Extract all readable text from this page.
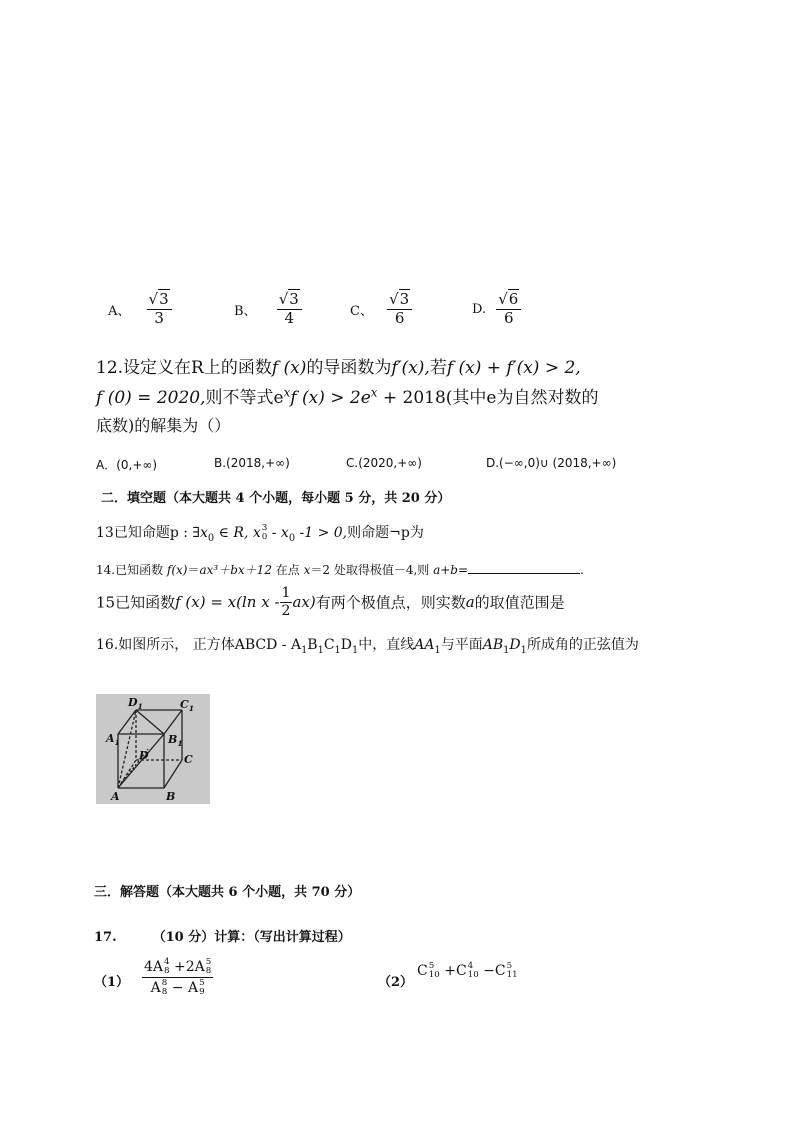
A、 $\frac{√3}{3}$	B、 $\frac{√3}{4}$	C、 $\frac{√3}{6}$	D. $\frac{√6}{6}$
12.设定义在R上的函数f (x)的导函数为f′(x),若f (x) + f′(x) > 2,
f (0) = 2020,则不等式$e^xf$ $(x) > 2e^x + 2018$(其中e为自然对数的
底数)的解集为（）
A．(0,+∞)	B.(2018,+∞)	C.(2020,+∞)	D.(−∞,0)∪ (2018,+∞)
二．填空题（本大题共 4 个小题，每小题 5 分，共 20 分）
13已知命题p : $\exists x_0$ ∈ R, x 3
$0 - x_0$ -1 > 0,则命题¬p为
14.已知函数 f(x)＝ax³＋bx＋12 在点 x＝2 处取得极值－4,则 a+b=	.
15已知函数f (x) = x(ln x - $\frac{1}{2} ax$)有两个极值点，则实数a的取值范围是
16.如图所示， 正方体ABCD - $A_1B_1C_1D_1$中，直线$AA_1$与平面$AB_1D_1$所成角的正弦值为
$D_1$	$C_1$
$A_1$	$B_1$
D	C
A	B
三．解答题（本大题共 6 个小题，共 70 分）
17.	（10 分）计算：（写出计算过程）
（1） 4A 4
8 +2A 5
8
A 8
8 − A 5
9	（2）
C 5
10 +C 4
10 −C 5
11
